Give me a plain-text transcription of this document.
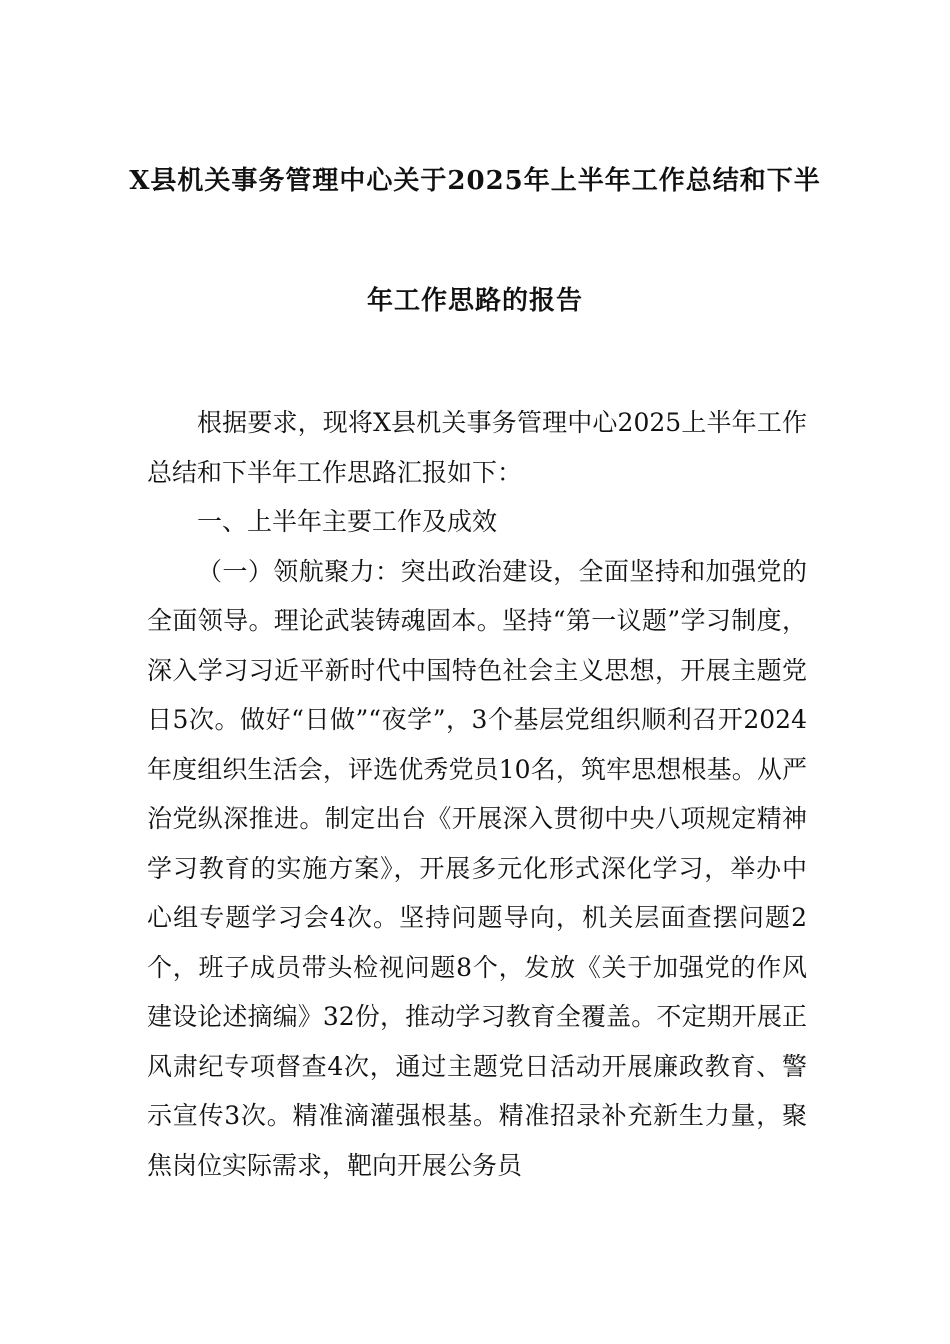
X县机关事务管理中心关于2025年上半年工作总结和下半
年工作思路的报告

根据要求，现将X县机关事务管理中心2025上半年工作总结和下半年工作思路汇报如下：

一、上半年主要工作及成效

（一）领航聚力：突出政治建设，全面坚持和加强党的全面领导。理论武装铸魂固本。坚持“第一议题”学习制度，深入学习习近平新时代中国特色社会主义思想，开展主题党日5次。做好“日做”“夜学”，3个基层党组织顺利召开2024年度组织生活会，评选优秀党员10名，筑牢思想根基。从严治党纵深推进。制定出台《开展深入贯彻中央八项规定精神学习教育的实施方案》，开展多元化形式深化学习，举办中心组专题学习会4次。坚持问题导向，机关层面查摆问题2个，班子成员带头检视问题8个，发放《关于加强党的作风建设论述摘编》32份，推动学习教育全覆盖。不定期开展正风肃纪专项督查4次，通过主题党日活动开展廉政教育、警示宣传3次。精准滴灌强根基。精准招录补充新生力量，聚焦岗位实际需求，靶向开展公务员
